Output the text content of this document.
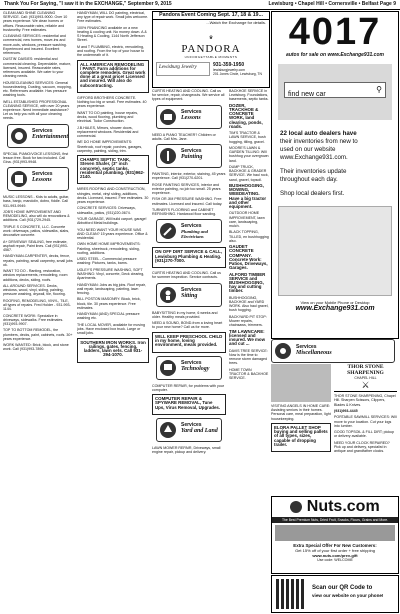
Thank You For Saying, "I saw it in the EXCHANGE," September 9, 2015	Lewisburg • Chapel Hill • Cornersville • Belfast Page 9

GLEAM AND SHINE CLEANING SERVICE. Call: (931)993-9000. Over 10 years experience. We clean homes or offices. Reasonable rates, reliable and trustworthy. Free estimates.

CLEANING SERVICES: residential and commercial, new homes, move-ins and move-outs, windows, pressure washing. Experienced and insured. Excellent references.

DUSTIN' DAISIES: residential and commercial cleaning. Dependable, mature, licensed, insured. Reasonable rates, references available. We cater to your cleaning needs.

HOUSECLEANING SERVICES: General housecleaning. Dusting, vacuum, mopping, etc. References available. Has pressure washing tools.

WELL ESTABLISHED PROFESSIONAL CLEANING SERVICE, with over 20 years experience. Need immediate assistance? Let us help you with all your cleaning needs.

Services
Entertainment

SPECIAL PIANO/VOICE LESSONS, first lesson free. Book for two included. Call Gina. (931)993-9948.

Services
Lessons

MUSIC LESSONS - Kids to adults, guitar, bass, banjo, mandolin, dobro, fiddle. Call 931-993-9949.

JOB'S HOME IMPROVEMENT AND REMODELING, also will do renovations & additions. Call (931)729-2945.

TRIPLE S CONCRETE, LLC. Concrete work: driveways, patios, sidewalks, slabs, decorative concrete.

A+ DRIVEWAY SEALING, free estimate, asphalt repair, Paint lines. Call (931)993-4567.

HANDYMAN-CARPENTER, decks, fence, repairs, painting, small carpentry, small jobs ok.

WANT TO DO - Ranting, restoration, window replacements, remodeling, room additions, decks, siding, roofs.

ALL AROUND SERVICES. Decks, windows, wood, vinyl, siding, painting, pressure washing, drywall, tile, flooring.

ROOFING, REMODELING, VINYL, TILE, all types of repairs. Fred Holder - 931-993-1144.

CONCRETE WORK: Specialize in driveways, sidewalks. Free estimates. (931)993-9907.

TOP TO BOTTOM REMODEL, the plumbers, decks, paint, cabinets, roofs. 30+ years experience.

WORK WANTED: Brick, block, and stone work. Call (931)993-7890.

HANDYMAN, WILL DO painting, electrical, any type of repair work. Small jobs welcome. Free estimates.

100% FINANCING available on a new heating & cooling unit. No money down. A & S Heating & Cooling, 1144 North Jefferson Street.

M and T PLUMBING, electric, remodeling, and roofing. From the top of your house to the underneath of it.

ALL AMERICAN REMODELING / PAINT. Farm additions for complete remodels. Great work done at a great price! Licensed and insured. Will also do subcontracting.

GIFFORD BROTHERS CONCRETE. Nothing too big or small. Free estimates. 40 years experience.

WANT TO DO painting, house repairs, decks, wood flooring, plumbing and electrical. Tudor Construction.

J.B.HALES, Mirrors, shower doors, replacement windows. Residential and commercial.

WE DO HOME IMPROVEMENTS: Sheetrock, roof repair, porches, garages, carpentry, painting, siding, trim.

CHAMPS SEPTIC TANK, Steven Shafer, (3" inch concrete), septic tanks, residential plumbing. (931)962-2140.

MIRES ROOFING AND CONSTRUCTION, shingles, metal, vinyl siding, additions, decks. Licensed, insured. Free estimates. 30 years experience.

CONCRETE SERVICES: Driveways, sidewalks, patios, (931)220-0674.

YOUR GARAGE, Will build carport, garage! Abbotford Metal buildings.

YOU NEED WANT YOUR HOUSE WAS AND CLEAN? 15 years experience. Office & residential.

OWN HOME HOME IMPROVEMENTS: Painting, sheetrock, remodeling, siding, roofing, additions.

USED STEEL - Commercial pressure washing: Pictures, tanks, barns.

UGLEY'S PRESSURE WASHING, SOFT WASHING: Vinyl, concrete, Deck clearing, Apartments.

HANDYMAN: Jobs as big jobs. Roof repair, wall repair, landscaping, painting, lawn fencing.

BILL POSTON MASONRY: Block, brick, block, tile. 30 years experience. Free estimates.

HANDYMAN (AND) SPECIAL pressure washing etc.

THE LOCAL MOVER, available for moving jobs. Have enclosed box truck. Large or small jobs.

SOUTHERN IRON WORKS. Iron railings, gates, fencing, ladders, lawn sets. Call 931-294-1070.

Pandora Event Coming Sept. 17, 18 & 19...
...Watch the Exchange for details.
♛
PANDORA
UNFORGETTABLE MOMENTS
Lewisburg Jewelry	931-359-1950
lewisburgjewelry.com
201 Jones Circle, Lewisburg, TN

CURTIS HEATING AND COOLING. Call us for service, repair, changeouts. We service all types of equipment.

Services
Lessons

NEED A PIANO TEACHER? Children or adults. Call Mrs. Jane.

Services
Painting

PAINTING, interior, exterior, staining, 45 years experience. Call (931)270-6201.

ROSE PAINTING SERVICES, interior and exterior painting, no job too small. 25 years experience.

FISH OR JIM PRESSURE WASHING. Free estimates. Licensed and insured. Call today.

TURNER'S FLOORING and CABINET REFINISHING. Hardwood floor sanding.

Services
Plumbing and Electricians

ON OFF DIRT SERVICE & CALL, Lewisburg Plumbing & Heating. (931)270-7000.

CURTIS HEATING AND COOLING. Call us for summer inspection. Service contracts.

Services
Sitting

BABYSITTING in my home, 6 weeks and older. Healthy meals provided.

NEED A SOUND, BOND-from a loving heart to your new home? Call us for more.

WILL KEEP PRESCHOOL CHILD in my home, loving environment, meals provided.

Services
Technology

COMPUTER REPAIR, for problems with your computer.

COMPUTER REPAIR & SPYWARE REMOVAL, Tune Ups, Virus Removal, Upgrades.

Services
Yard and Land

LAWN MOWER REPAIR, Driveways, small engine repair, pickup and delivery.

BACKHOE SERVICE in Lewisburg. Foundations, basements, septic tanks.

DOZER, TRACKHOE & CONCRETE WORK, land clearing, ponds, roads.

TIM'S TRACTOR & LAWN SERVICE, bush hogging, tilling, gravel.

MOORE'S LAWN & GARDEN TILLING: Will bushhog your overgrown land.

DUMP TRUCK, BACKHOE & GRADER SERVICE. We haul rock, sand, gravel, topsoil.

BUSHHOGGING, MOWING, WEEDEATING. Have a big tractor and other equipment.

OUTDOOR HOME IMPROVEMENT, lawn care, landscaping, mulch.

BLACK TOPPING, TILLED, en bushhogging also.

GAUDET CONCRETE COMPANY. Concrete Work: Patios, Driveways, Garages.

ALFORD TIMBER SERVICE and BUSHHOGGING, hay and cutting timber.

BUSHHOGGING, BACKHOE and YARD WORK. Also haul gravel, bush hogging.

BACKYARD PIT STOP: Mower repairs, chainsaws, trimmers.

TIM LAWNCARE: licensed and insured. We mow and cut ...

DAVIS TREE SERVICE: Now is the time to remove storm damaged trees.

HOME TOWN TRACTOR & BACKHOE SERVICE.

4017
autos for sale on www.Exchange931.com
find new car
⚲
22 local auto dealers have
their inventories from new to
used on our website
www.Exchange931.com.
Their inventories update
throughout each day.
Shop local dealers first.
View on your Mobile Phone or Desktop
www.Exchange931.com
Services
Miscellaneous

VISITING ANGELS IN HOME CARE: Assisting seniors in their homes. Personal care, meal preparation, light housekeeping.

ELORA PALLET SHOP buying and selling pallets of all types, sizes, capable of dropping trailer.

THOR STONE SHARPENING
CHAPEL HILL
⚔

THOR STONE SHARPENING, Chapel Hill. Sharpen Scissors, Clippers, Blades & Knives.

(931)993-4445

PORTABLE SAWMILL SERVICES: Will move to your location. Cut your logs into lumber.

GOOD TOPSOIL & FILL DIRT; pickup or delivery available.

NEED YOUR CLOCK REPAIRED? Pick up and delivery, specialist in antique and grandfather clocks.

Nuts.com
The Best Premium Nuts, Dried Fruit, Snacks, Flours, Grains and More.
Extra Special Offer For New Customers:
Get 15% off of your first order + free shipping
www.nuts.com/prev-gift
Use code: WELCOME
Scan our QR Code to
view our website on your phone!
